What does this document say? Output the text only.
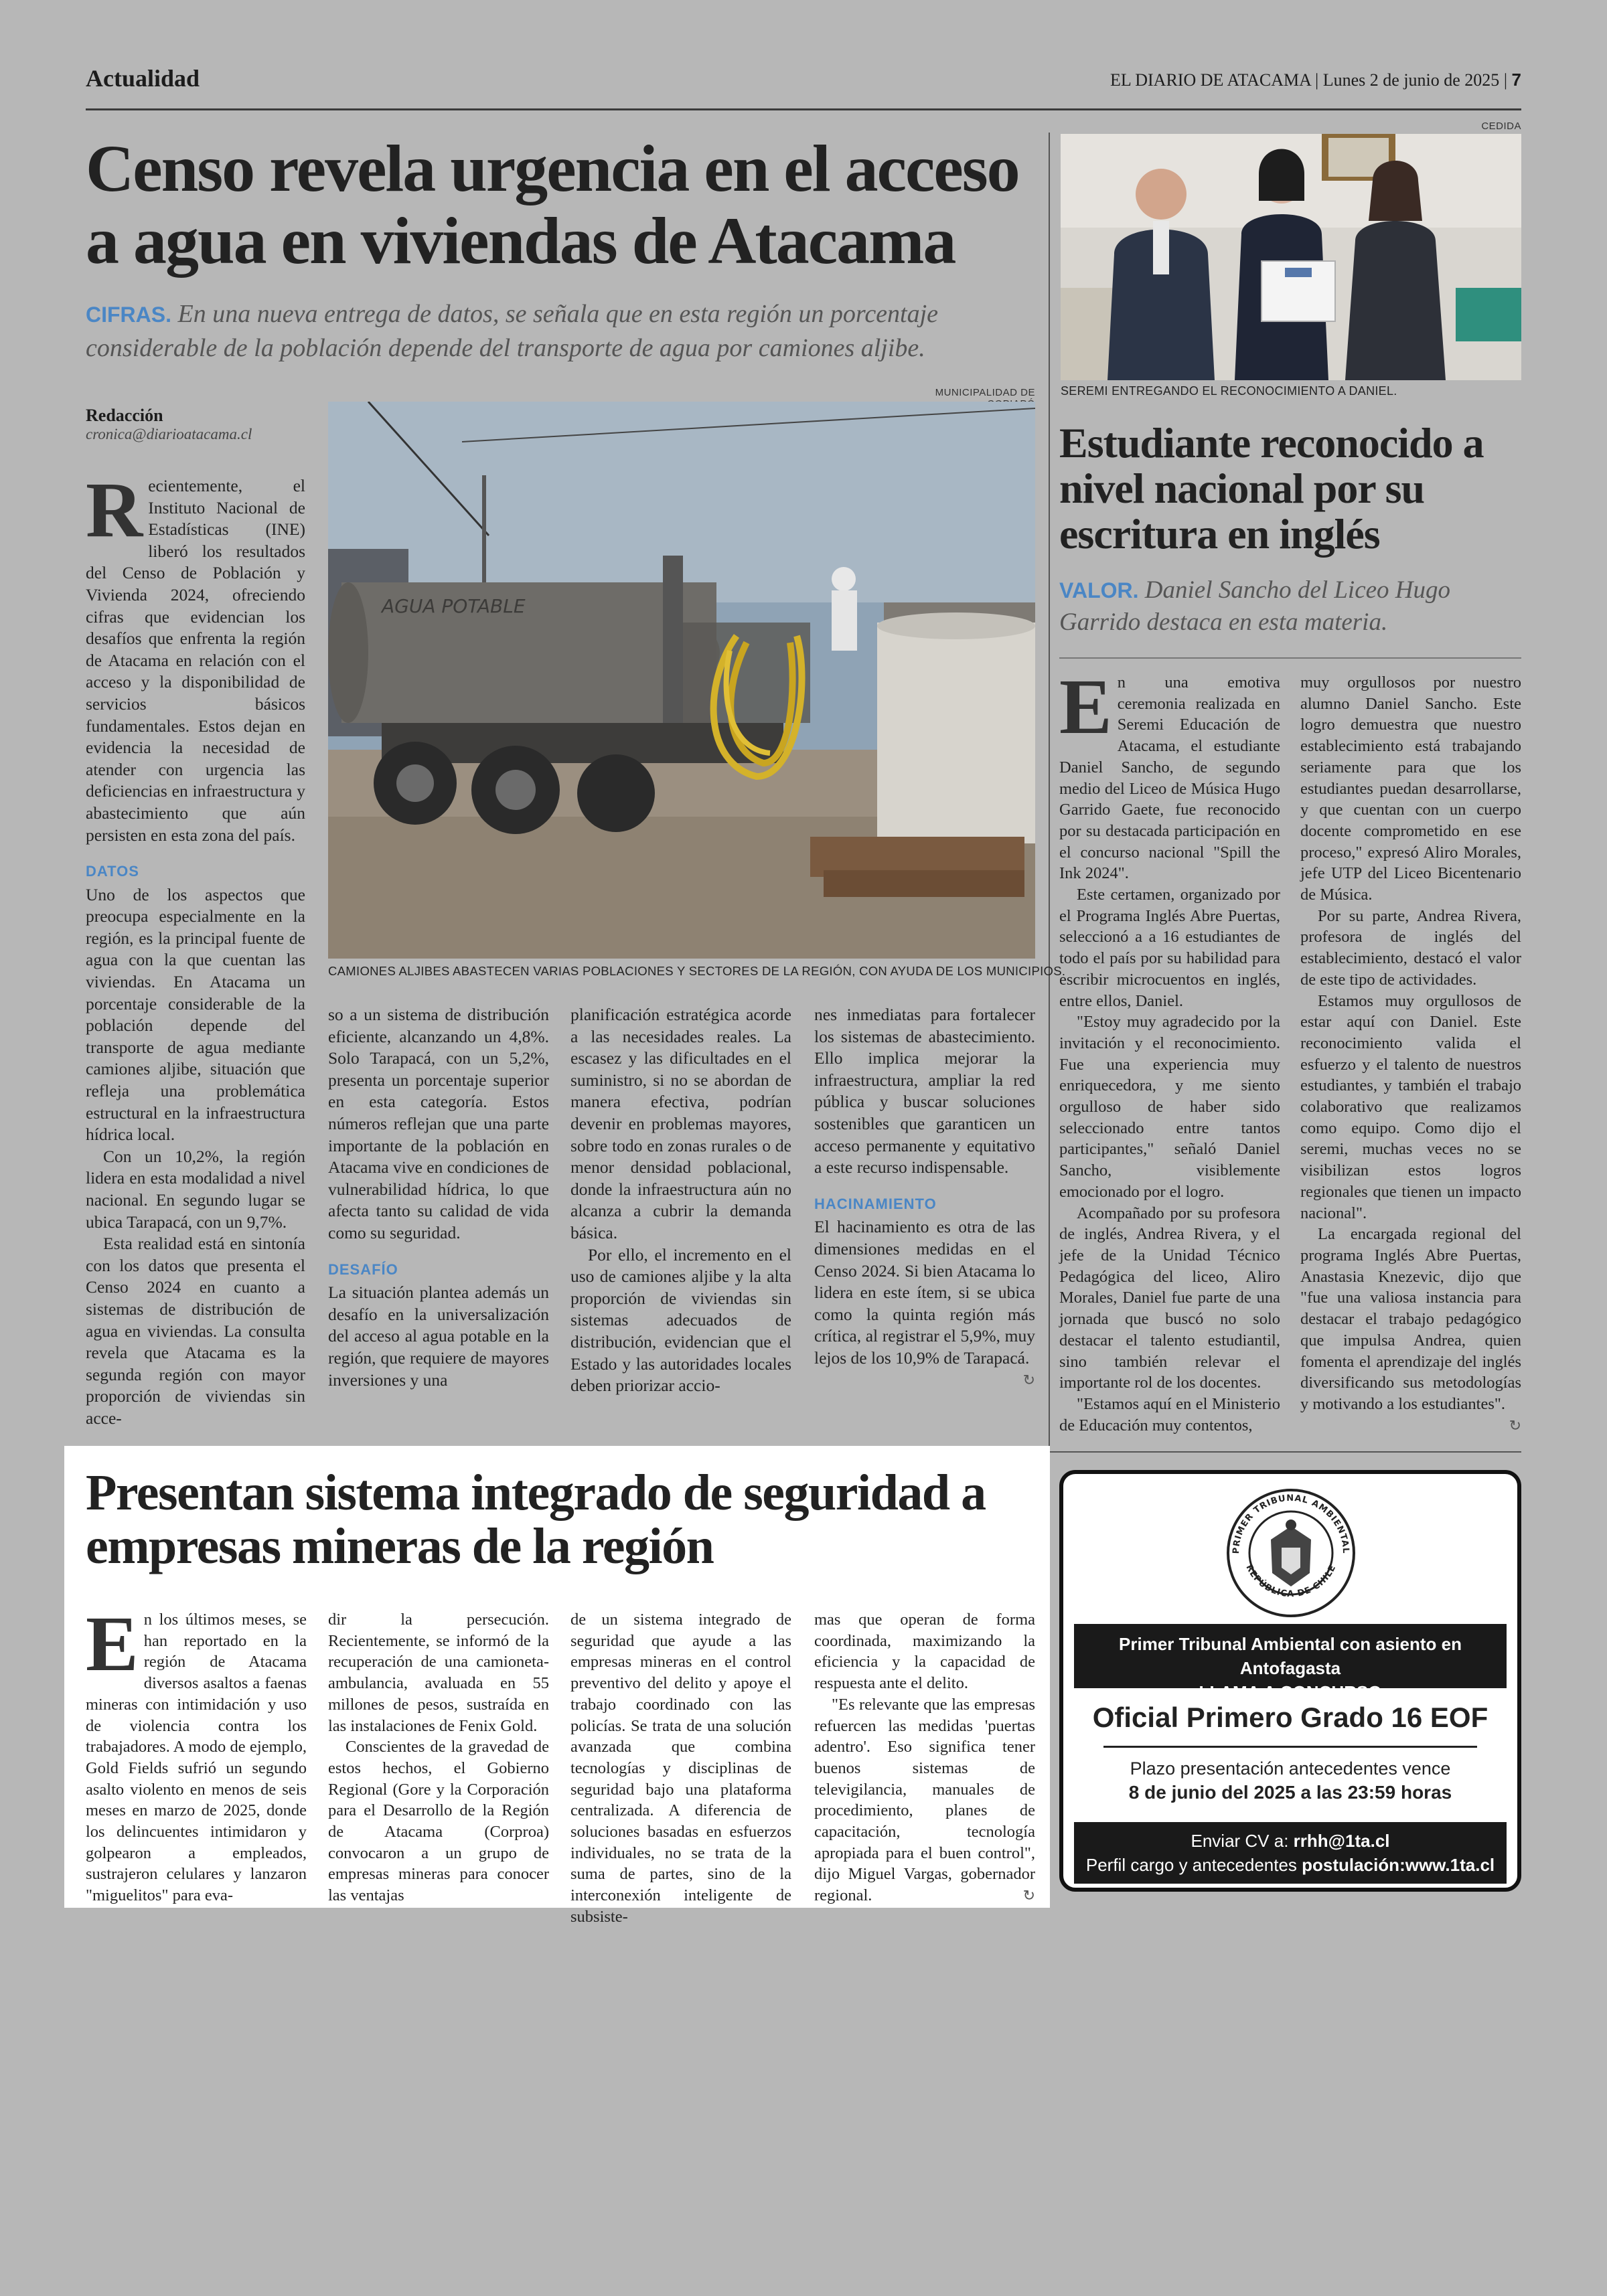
Actualidad	EL DIARIO DE ATACAMA | Lunes 2 de junio de 2025 | 7
Censo revela urgencia en el acceso
a agua en viviendas de Atacama
CIFRAS. En una nueva entrega de datos, se señala que en esta región un porcentaje considerable de la población depende del transporte de agua por camiones aljibe.
Redacción
cronica@diarioatacama.cl
MUNICIPALIDAD DE
AGUA POTABLE
CAMIONES ALJIBES ABASTECEN VARIAS POBLACIONES Y SECTORES DE LA REGIÓN, CON AYUDA DE LOS MUNICIPIOS.

Recientemente, el Instituto Nacional de Estadísticas (INE) liberó los resultados del Censo de Población y Vivienda 2024, ofreciendo cifras que evidencian los desafíos que enfrenta la región de Atacama en relación con el acceso y la disponibilidad de servicios básicos fundamentales. Estos dejan en evidencia la necesidad de atender con urgencia las deficiencias en infraestructura y abastecimiento que aún persisten en esta zona del país.

DATOS

Uno de los aspectos que preocupa especialmente en la región, es la principal fuente de agua con la que cuentan las viviendas. En Atacama un porcentaje considerable de la población depende del transporte de agua mediante camiones aljibe, situación que refleja una problemática estructural en la infraestructura hídrica local.

Con un 10,2%, la región lidera en esta modalidad a nivel nacional. En segundo lugar se ubica Tarapacá, con un 9,7%.

Esta realidad está en sintonía con los datos que presenta el Censo 2024 en cuanto a sistemas de distribución de agua en viviendas. La consulta revela que Atacama es la segunda región con mayor proporción de viviendas sin acce-

so a un sistema de distribución eficiente, alcanzando un 4,8%. Solo Tarapacá, con un 5,2%, presenta un porcentaje superior en esta categoría. Estos números reflejan que una parte importante de la población en Atacama vive en condiciones de vulnerabilidad hídrica, lo que afecta tanto su calidad de vida como su seguridad.

DESAFÍO

La situación plantea además un desafío en la universalización del acceso al agua potable en la región, que requiere de mayores inversiones y una

planificación estratégica acorde a las necesidades reales. La escasez y las dificultades en el suministro, si no se abordan de manera efectiva, podrían devenir en problemas mayores, sobre todo en zonas rurales o de menor densidad poblacional, donde la infraestructura aún no alcanza a cubrir la demanda básica.

Por ello, el incremento en el uso de camiones aljibe y la alta proporción de viviendas sin sistemas adecuados de distribución, evidencian que el Estado y las autoridades locales deben priorizar accio-

nes inmediatas para fortalecer los sistemas de abastecimiento. Ello implica mejorar la infraestructura, ampliar la red pública y buscar soluciones sostenibles que garanticen un acceso permanente y equitativo a este recurso indispensable.

HACINAMIENTO

El hacinamiento es otra de las dimensiones medidas en el Censo 2024. Si bien Atacama lo lidera en este ítem, si se ubica como la quinta región más crítica, al registrar el 5,9%, muy lejos de los 10,9% de Tarapacá.
↻

CEDIDA
SEREMI ENTREGANDO EL RECONOCIMIENTO A DANIEL.
Estudiante reconocido a nivel nacional por su escritura en inglés
VALOR. Daniel Sancho del Liceo Hugo Garrido destaca en esta materia.

En una emotiva ceremonia realizada en Seremi Educación de Atacama, el estudiante Daniel Sancho, de segundo medio del Liceo de Música Hugo Garrido Gaete, fue reconocido por su destacada participación en el concurso nacional "Spill the Ink 2024".

Este certamen, organizado por el Programa Inglés Abre Puertas, seleccionó a a 16 estudiantes de todo el país por su habilidad para escribir microcuentos en inglés, entre ellos, Daniel.

"Estoy muy agradecido por la invitación y el reconocimiento. Fue una experiencia muy enriquecedora, y me siento orgulloso de haber sido seleccionado entre tantos participantes," señaló Daniel Sancho, visiblemente emocionado por el logro.

Acompañado por su profesora de inglés, Andrea Rivera, y el jefe de la Unidad Técnico Pedagógica del liceo, Aliro Morales, Daniel fue parte de una jornada que buscó no solo destacar el talento estudiantil, sino también relevar el importante rol de los docentes.

"Estamos aquí en el Ministerio de Educación muy contentos,

muy orgullosos por nuestro alumno Daniel Sancho. Este logro demuestra que nuestro establecimiento está trabajando seriamente para que los estudiantes puedan desarrollarse, y que cuentan con un cuerpo docente comprometido en ese proceso," expresó Aliro Morales, jefe UTP del Liceo Bicentenario de Música.

Por su parte, Andrea Rivera, profesora de inglés del establecimiento, destacó el valor de este tipo de actividades.

Estamos muy orgullosos de estar aquí con Daniel. Este reconocimiento valida el esfuerzo y el talento de nuestros estudiantes, y también el trabajo colaborativo que realizamos como equipo. Como dijo el seremi, muchas veces no se visibilizan estos logros regionales que tienen un impacto nacional".

La encargada regional del programa Inglés Abre Puertas, Anastasia Knezevic, dijo que "fue una valiosa instancia para destacar el trabajo pedagógico que impulsa Andrea, quien fomenta el aprendizaje del inglés diversificando sus metodologías y motivando a los estudiantes".
↻

Presentan sistema integrado de seguridad a empresas mineras de la región

En los últimos meses, se han reportado en la región de Atacama diversos asaltos a faenas mineras con intimidación y uso de violencia contra los trabajadores. A modo de ejemplo, Gold Fields sufrió un segundo asalto violento en menos de seis meses en marzo de 2025, donde los delincuentes intimidaron y golpearon a empleados, sustrajeron celulares y lanzaron "miguelitos" para eva-

dir la persecución. Recientemente, se informó de la recuperación de una camioneta-ambulancia, avaluada en 55 millones de pesos, sustraída en las instalaciones de Fenix Gold.

Conscientes de la gravedad de estos hechos, el Gobierno Regional (Gore y la Corporación para el Desarrollo de la Región de Atacama (Corproa) convocaron a un grupo de empresas mineras para conocer las ventajas

de un sistema integrado de seguridad que ayude a las empresas mineras en el control preventivo del delito y apoye el trabajo coordinado con las policías. Se trata de una solución avanzada que combina tecnologías y disciplinas de seguridad bajo una plataforma centralizada. A diferencia de soluciones basadas en esfuerzos individuales, no se trata de la suma de partes, sino de la interconexión inteligente de subsiste-

mas que operan de forma coordinada, maximizando la eficiencia y la capacidad de respuesta ante el delito.

"Es relevante que las empresas refuercen las medidas 'puertas adentro'. Eso significa tener buenos sistemas de televigilancia, manuales de procedimiento, planes de capacitación, tecnología apropiada para el buen control", dijo Miguel Vargas, gobernador regional.	↻

PRIMER TRIBUNAL AMBIENTAL
REPÚBLICA DE CHILE
Primer Tribunal Ambiental con asiento en Antofagasta
LLAMA A CONCURSO
Oficial Primero Grado 16 EOF
Plazo presentación antecedentes vence
8 de junio del 2025 a las 23:59 horas
Enviar CV a: rrhh@1ta.cl
Perfil cargo y antecedentes postulación:www.1ta.cl
